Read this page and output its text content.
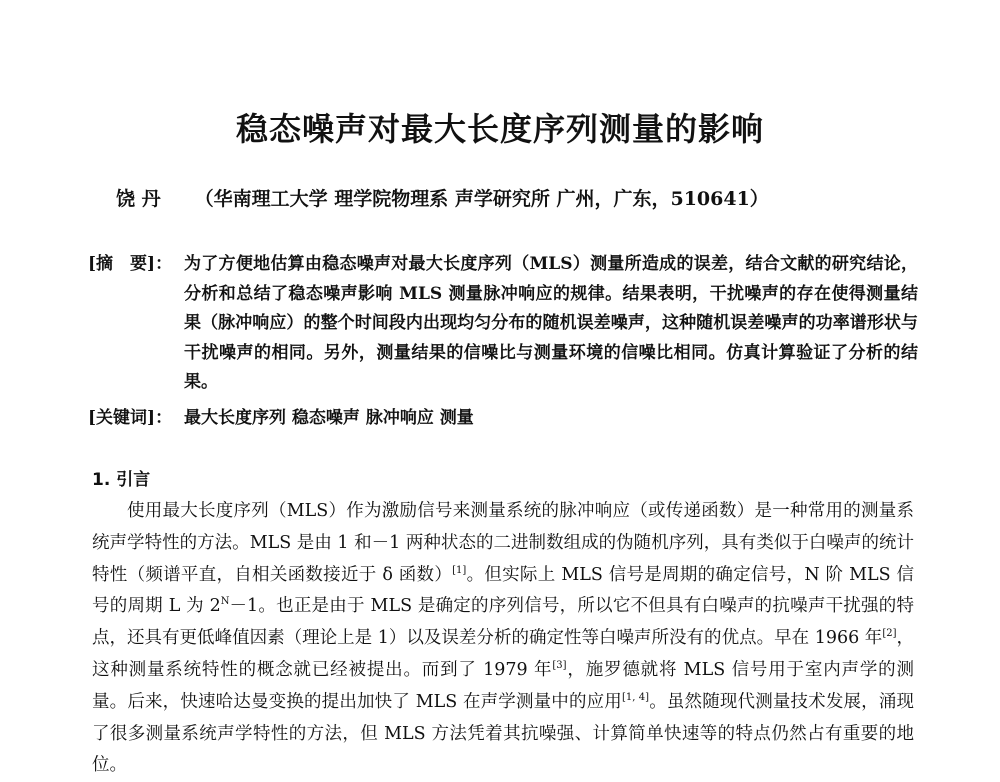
稳态噪声对最大长度序列测量的影响
饶 丹 （华南理工大学 理学院物理系 声学研究所 广州，广东，510641）
[摘　要]： 为了方便地估算由稳态噪声对最大长度序列（MLS）测量所造成的误差，结合文献的研究结论，分析和总结了稳态噪声影响 MLS 测量脉冲响应的规律。结果表明，干扰噪声的存在使得测量结果（脉冲响应）的整个时间段内出现均匀分布的随机误差噪声，这种随机误差噪声的功率谱形状与干扰噪声的相同。另外，测量结果的信噪比与测量环境的信噪比相同。仿真计算验证了分析的结果。
[关键词]： 最大长度序列 稳态噪声 脉冲响应 测量
1. 引言
使用最大长度序列（MLS）作为激励信号来测量系统的脉冲响应（或传递函数）是一种常用的测量系统声学特性的方法。MLS 是由 1 和－1 两种状态的二进制数组成的伪随机序列，具有类似于白噪声的统计特性（频谱平直，自相关函数接近于 δ 函数）[1]。但实际上 MLS 信号是周期的确定信号，N 阶 MLS 信号的周期 L 为 $2^N-1$。也正是由于 MLS 是确定的序列信号，所以它不但具有白噪声的抗噪声干扰强的特点，还具有更低峰值因素（理论上是 1）以及误差分析的确定性等白噪声所没有的优点。早在 1966 年[2]，这种测量系统特性的概念就已经被提出。而到了 1979 年[3]，施罗德就将 MLS 信号用于室内声学的测量。后来，快速哈达曼变换的提出加快了 MLS 在声学测量中的应用[1, 4]。虽然随现代测量技术发展，涌现了很多测量系统声学特性的方法，但 MLS 方法凭着其抗噪强、计算简单快速等的特点仍然占有重要的地位。
